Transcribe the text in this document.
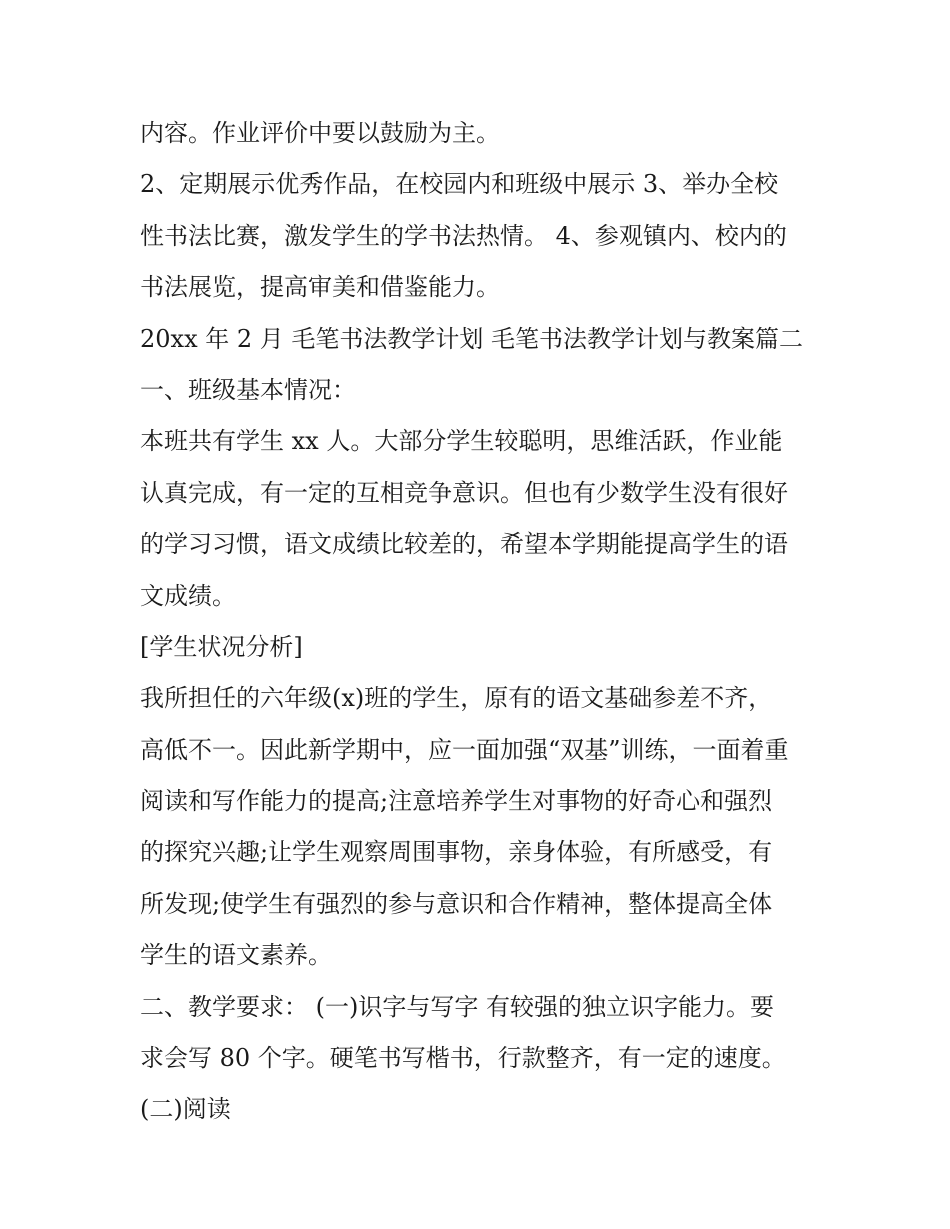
内容。作业评价中要以鼓励为主。
2、定期展示优秀作品，在校园内和班级中展示 3、举办全校
性书法比赛，激发学生的学书法热情。 4、参观镇内、校内的
书法展览，提高审美和借鉴能力。
20xx 年 2 月 毛笔书法教学计划 毛笔书法教学计划与教案篇二
一、班级基本情况：
本班共有学生 xx 人。大部分学生较聪明，思维活跃，作业能
认真完成，有一定的互相竞争意识。但也有少数学生没有很好
的学习习惯，语文成绩比较差的，希望本学期能提高学生的语
文成绩。
[学生状况分析]
我所担任的六年级(x)班的学生，原有的语文基础参差不齐，
高低不一。因此新学期中，应一面加强“双基”训练，一面着重
阅读和写作能力的提高;注意培养学生对事物的好奇心和强烈
的探究兴趣;让学生观察周围事物，亲身体验，有所感受，有
所发现;使学生有强烈的参与意识和合作精神，整体提高全体
学生的语文素养。
二、教学要求： (一)识字与写字 有较强的独立识字能力。要
求会写 80 个字。硬笔书写楷书，行款整齐，有一定的速度。
(二)阅读
